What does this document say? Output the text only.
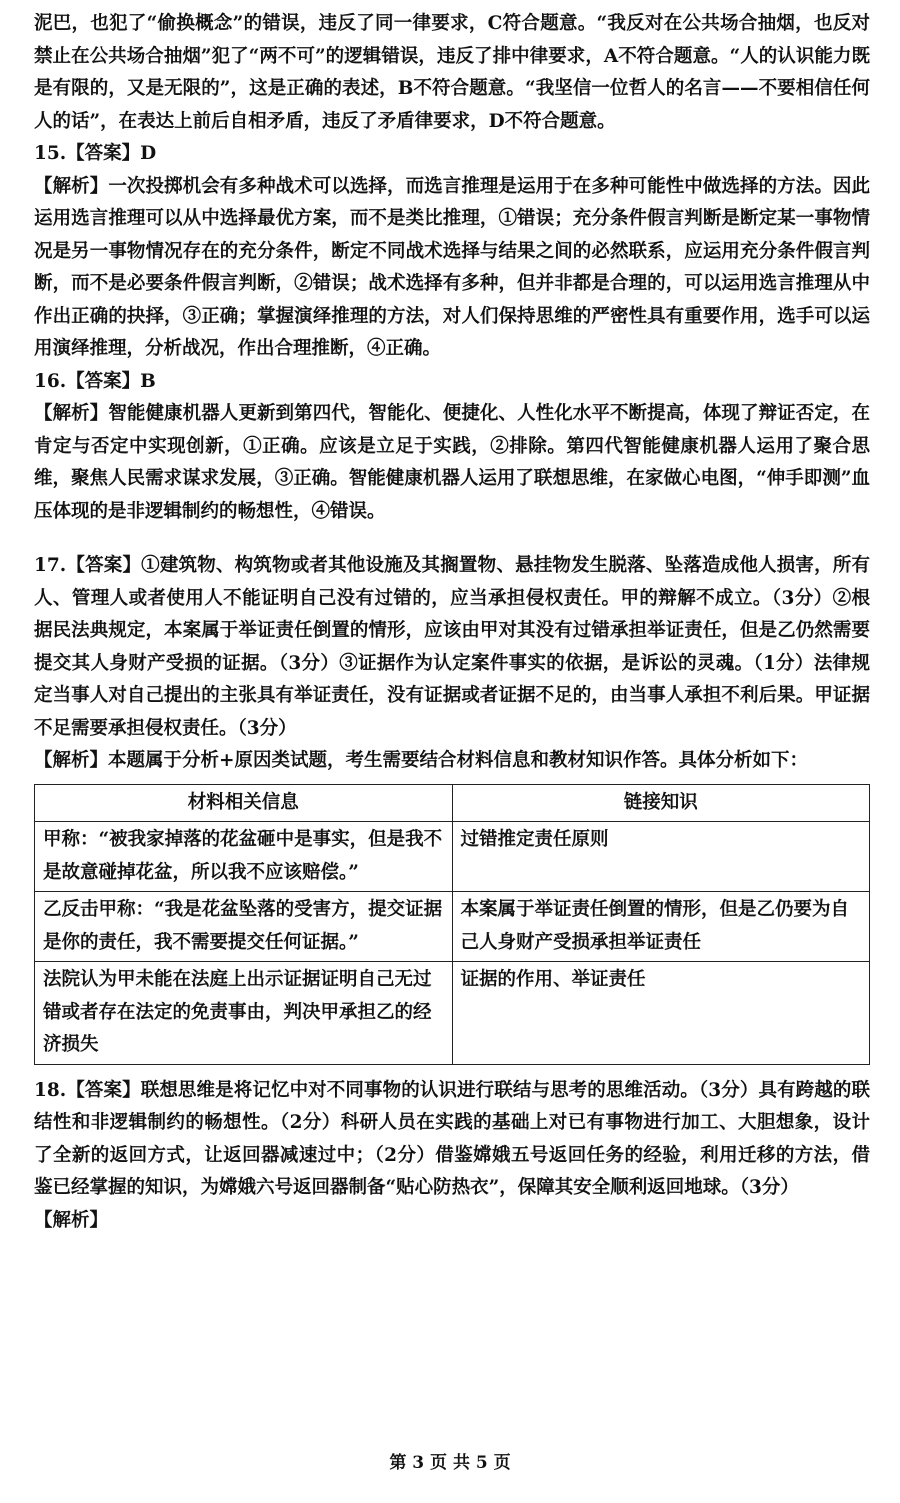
泥巴，也犯了“偷换概念”的错误，违反了同一律要求，C符合题意。“我反对在公共场合抽烟，也反对禁止在公共场合抽烟”犯了“两不可”的逻辑错误，违反了排中律要求，A不符合题意。“人的认识能力既是有限的，又是无限的”，这是正确的表述，B不符合题意。“我坚信一位哲人的名言——不要相信任何人的话”，在表达上前后自相矛盾，违反了矛盾律要求，D不符合题意。

15.【答案】D

【解析】一次投掷机会有多种战术可以选择，而选言推理是运用于在多种可能性中做选择的方法。因此运用选言推理可以从中选择最优方案，而不是类比推理，①错误；充分条件假言判断是断定某一事物情况是另一事物情况存在的充分条件，断定不同战术选择与结果之间的必然联系，应运用充分条件假言判断，而不是必要条件假言判断，②错误；战术选择有多种，但并非都是合理的，可以运用选言推理从中作出正确的抉择，③正确；掌握演绎推理的方法，对人们保持思维的严密性具有重要作用，选手可以运用演绎推理，分析战况，作出合理推断，④正确。

16.【答案】B

【解析】智能健康机器人更新到第四代，智能化、便捷化、人性化水平不断提高，体现了辩证否定，在肯定与否定中实现创新，①正确。应该是立足于实践，②排除。第四代智能健康机器人运用了聚合思维，聚焦人民需求谋求发展，③正确。智能健康机器人运用了联想思维，在家做心电图，“伸手即测”血压体现的是非逻辑制约的畅想性，④错误。

17.【答案】①建筑物、构筑物或者其他设施及其搁置物、悬挂物发生脱落、坠落造成他人损害，所有人、管理人或者使用人不能证明自己没有过错的，应当承担侵权责任。甲的辩解不成立。（3分）②根据民法典规定，本案属于举证责任倒置的情形，应该由甲对其没有过错承担举证责任，但是乙仍然需要提交其人身财产受损的证据。（3分）③证据作为认定案件事实的依据，是诉讼的灵魂。（1分）法律规定当事人对自己提出的主张具有举证责任，没有证据或者证据不足的，由当事人承担不利后果。甲证据不足需要承担侵权责任。（3分）

【解析】本题属于分析+原因类试题，考生需要结合材料信息和教材知识作答。具体分析如下：

材料相关信息	链接知识
甲称：“被我家掉落的花盆砸中是事实，但是我不是故意碰掉花盆，所以我不应该赔偿。”	过错推定责任原则
乙反击甲称：“我是花盆坠落的受害方，提交证据是你的责任，我不需要提交任何证据。”	本案属于举证责任倒置的情形，但是乙仍要为自己人身财产受损承担举证责任
法院认为甲未能在法庭上出示证据证明自己无过错或者存在法定的免责事由，判决甲承担乙的经济损失	证据的作用、举证责任

18.【答案】联想思维是将记忆中对不同事物的认识进行联结与思考的思维活动。（3分）具有跨越的联结性和非逻辑制约的畅想性。（2分）科研人员在实践的基础上对已有事物进行加工、大胆想象，设计了全新的返回方式，让返回器减速过中；（2分）借鉴嫦娥五号返回任务的经验，利用迁移的方法，借鉴已经掌握的知识，为嫦娥六号返回器制备“贴心防热衣”，保障其安全顺利返回地球。（3分）

【解析】

第 3 页 共 5 页
